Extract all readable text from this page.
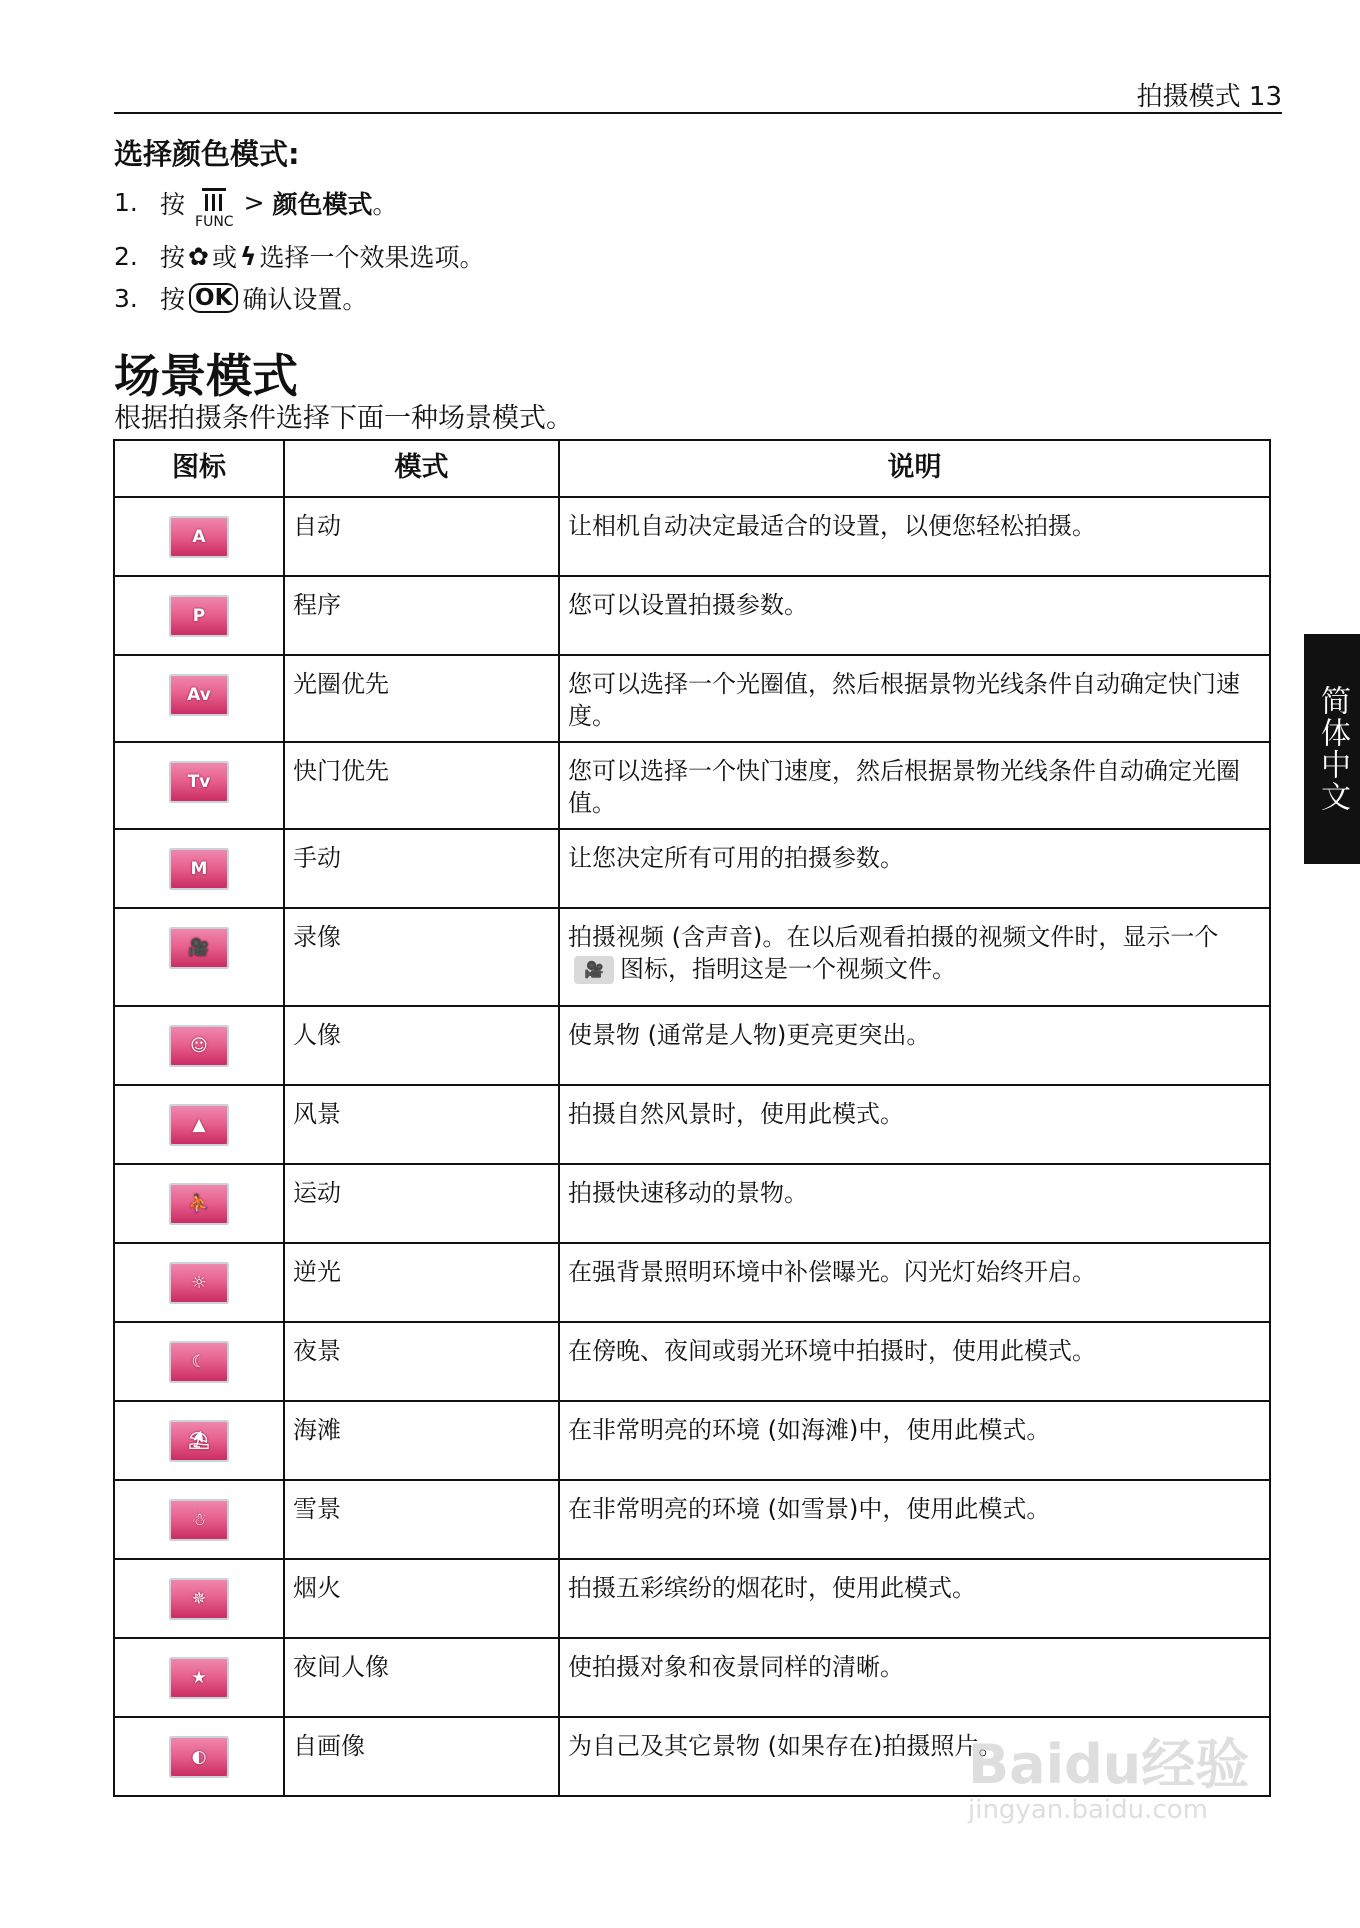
拍摄模式 13
选择颜色模式:
1. 按
FUNC
>
颜色模式 。
2. 按 ✿ 或 ϟ 选择一个效果选项。
3. 按 OK 确认设置。
场景模式
根据拍摄条件选择下面一种场景模式。
图标	模式	说明
A	自动	让相机自动决定最适合的设置，以便您轻松拍摄。
P	程序	您可以设置拍摄参数。
Av	光圈优先	您可以选择一个光圈值，然后根据景物光线条件自动确定快门速度。
Tv	快门优先	您可以选择一个快门速度，然后根据景物光线条件自动确定光圈值。
M	手动	让您决定所有可用的拍摄参数。
🎥	录像	拍摄视频 (含声音)。在以后观看拍摄的视频文件时，显示一个🎥 图标，指明这是一个视频文件。
☺	人像	使景物 (通常是人物)更亮更突出。
▲	风景	拍摄自然风景时，使用此模式。
⛹	运动	拍摄快速移动的景物。
☼	逆光	在强背景照明环境中补偿曝光。闪光灯始终开启。
☾	夜景	在傍晚、夜间或弱光环境中拍摄时，使用此模式。
⛱	海滩	在非常明亮的环境 (如海滩)中，使用此模式。
☃	雪景	在非常明亮的环境 (如雪景)中，使用此模式。
✵	烟火	拍摄五彩缤纷的烟花时，使用此模式。
★	夜间人像	使拍摄对象和夜景同样的清晰。
◐	自画像	为自己及其它景物 (如果存在)拍摄照片。
简体中文
Baidu经验
jingyan.baidu.com
